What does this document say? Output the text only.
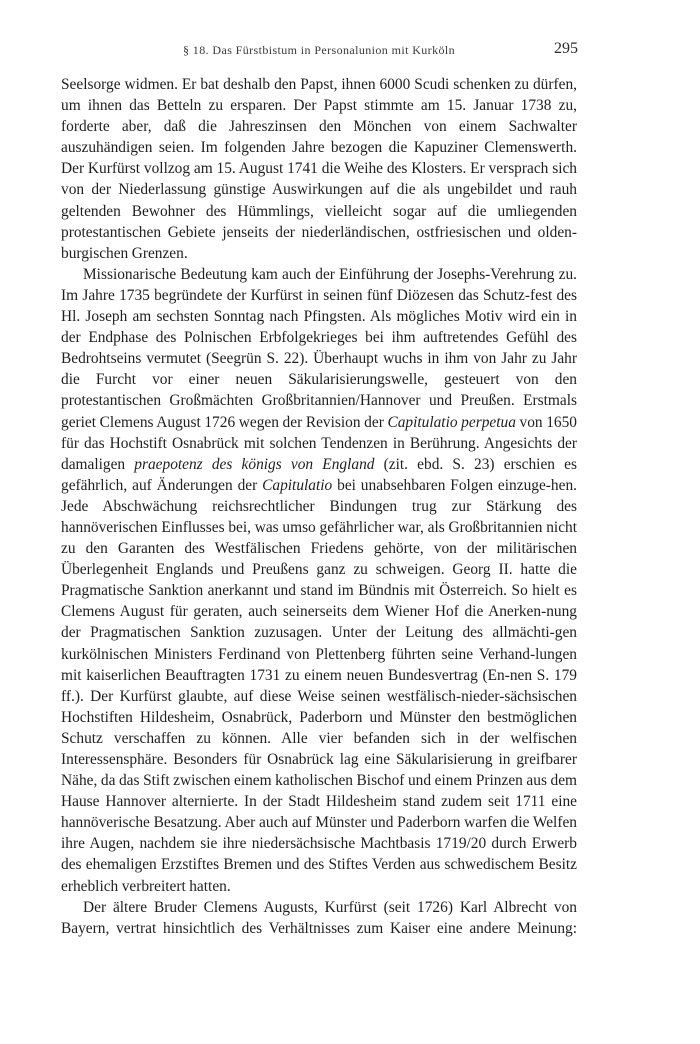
§ 18. Das Fürstbistum in Personalunion mit Kurköln	295

Seelsorge widmen. Er bat deshalb den Papst, ihnen 6000 Scudi schenken zu dürfen, um ihnen das Betteln zu ersparen. Der Papst stimmte am 15. Januar 1738 zu, forderte aber, daß die Jahreszinsen den Mönchen von einem Sachwalter auszuhändigen seien. Im folgenden Jahre bezogen die Kapuziner Clemenswerth. Der Kurfürst vollzog am 15. August 1741 die Weihe des Klosters. Er versprach sich von der Niederlassung günstige Auswirkungen auf die als ungebildet und rauh geltenden Bewohner des Hümmlings, vielleicht sogar auf die umliegenden protestantischen Gebiete jenseits der niederländischen, ostfriesischen und olden-burgischen Grenzen.

Missionarische Bedeutung kam auch der Einführung der Josephs-Verehrung zu. Im Jahre 1735 begründete der Kurfürst in seinen fünf Diözesen das Schutz-fest des Hl. Joseph am sechsten Sonntag nach Pfingsten. Als mögliches Motiv wird ein in der Endphase des Polnischen Erbfolgekrieges bei ihm auftretendes Gefühl des Bedrohtseins vermutet (Seegrün S. 22). Überhaupt wuchs in ihm von Jahr zu Jahr die Furcht vor einer neuen Säkularisierungswelle, gesteuert von den protestantischen Großmächten Großbritannien/Hannover und Preußen. Erstmals geriet Clemens August 1726 wegen der Revision der Capitulatio perpetua von 1650 für das Hochstift Osnabrück mit solchen Tendenzen in Berührung. Angesichts der damaligen praepotenz des königs von England (zit. ebd. S. 23) erschien es gefährlich, auf Änderungen der Capitulatio bei unabsehbaren Folgen einzuge-hen. Jede Abschwächung reichsrechtlicher Bindungen trug zur Stärkung des hannöverischen Einflusses bei, was umso gefährlicher war, als Großbritannien nicht zu den Garanten des Westfälischen Friedens gehörte, von der militärischen Überlegenheit Englands und Preußens ganz zu schweigen. Georg II. hatte die Pragmatische Sanktion anerkannt und stand im Bündnis mit Österreich. So hielt es Clemens August für geraten, auch seinerseits dem Wiener Hof die Anerken-nung der Pragmatischen Sanktion zuzusagen. Unter der Leitung des allmächti-gen kurkölnischen Ministers Ferdinand von Plettenberg führten seine Verhand-lungen mit kaiserlichen Beauftragten 1731 zu einem neuen Bundesvertrag (En-nen S. 179 ff.). Der Kurfürst glaubte, auf diese Weise seinen westfälisch-nieder-sächsischen Hochstiften Hildesheim, Osnabrück, Paderborn und Münster den bestmöglichen Schutz verschaffen zu können. Alle vier befanden sich in der welfischen Interessensphäre. Besonders für Osnabrück lag eine Säkularisierung in greifbarer Nähe, da das Stift zwischen einem katholischen Bischof und einem Prinzen aus dem Hause Hannover alternierte. In der Stadt Hildesheim stand zudem seit 1711 eine hannöverische Besatzung. Aber auch auf Münster und Paderborn warfen die Welfen ihre Augen, nachdem sie ihre niedersächsische Machtbasis 1719/20 durch Erwerb des ehemaligen Erzstiftes Bremen und des Stiftes Verden aus schwedischem Besitz erheblich verbreitert hatten.

Der ältere Bruder Clemens Augusts, Kurfürst (seit 1726) Karl Albrecht von Bayern, vertrat hinsichtlich des Verhältnisses zum Kaiser eine andere Meinung:
